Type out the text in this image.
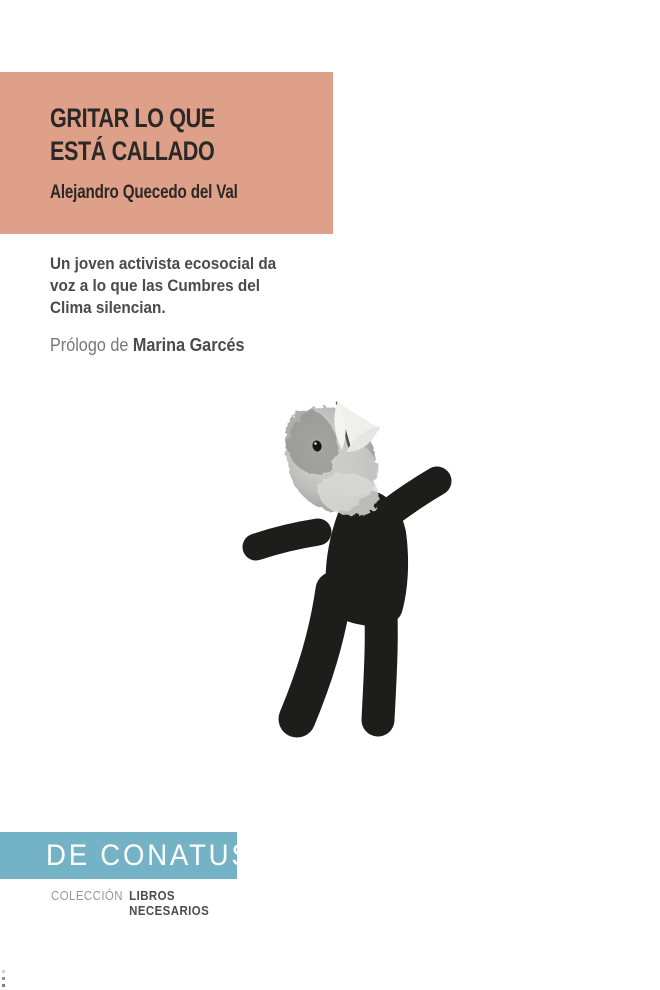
GRITAR LO QUE
ESTÁ CALLADO
Alejandro Quecedo del Val
Un joven activista ecosocial da
voz a lo que las Cumbres del
Clima silencian.
Prólogo de Marina Garcés
DE CONATUS
COLECCIÓN LIBROS
NECESARIOS
